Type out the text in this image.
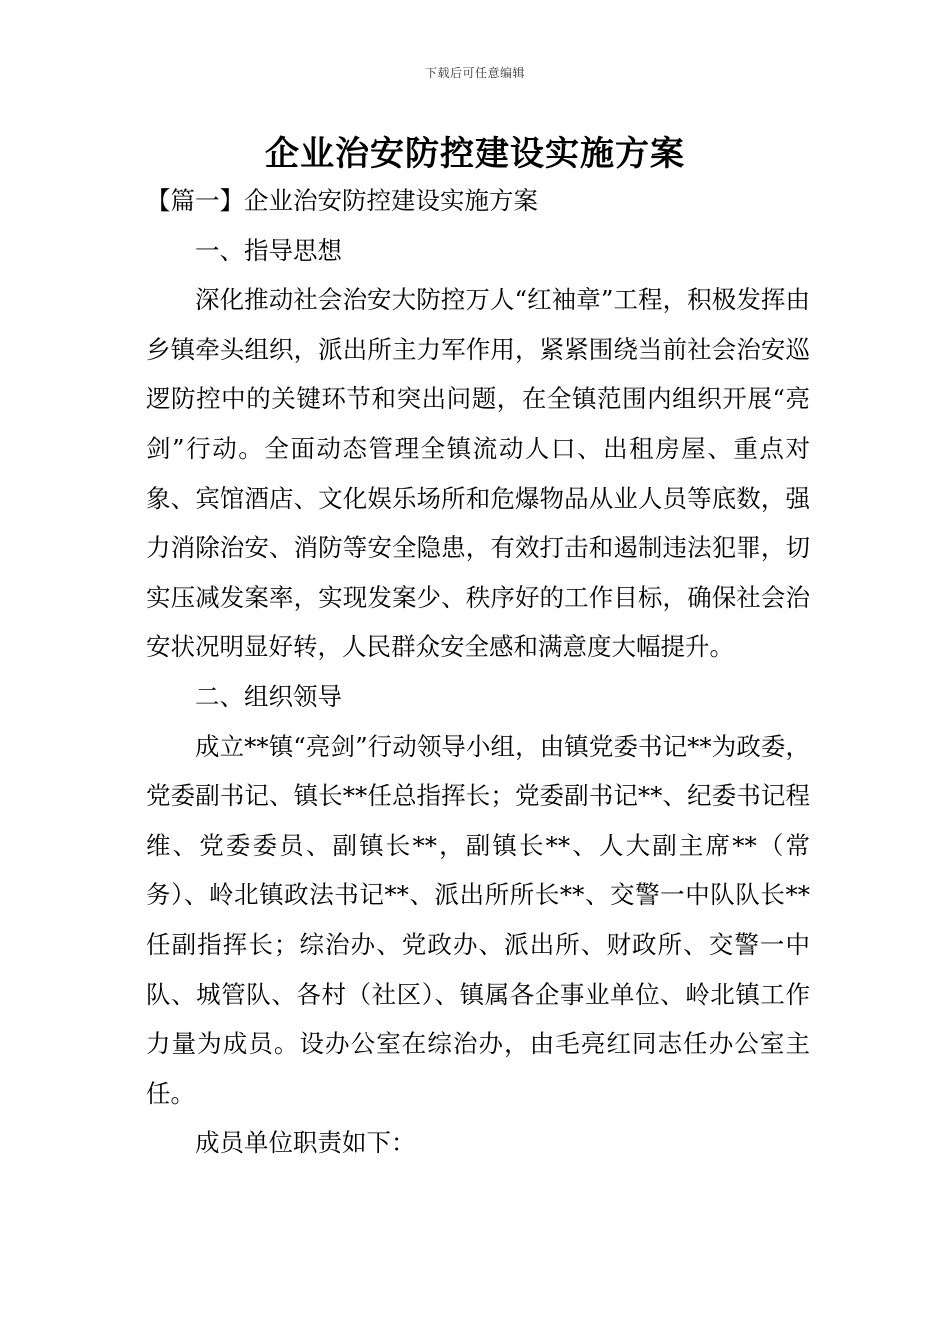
下载后可任意编辑
企业治安防控建设实施方案

【篇一】企业治安防控建设实施方案

一、指导思想

深化推动社会治安大防控万人“红袖章”工程，积极发挥由乡镇牵头组织，派出所主力军作用，紧紧围绕当前社会治安巡逻防控中的关键环节和突出问题，在全镇范围内组织开展“亮剑”行动。全面动态管理全镇流动人口、出租房屋、重点对象、宾馆酒店、文化娱乐场所和危爆物品从业人员等底数，强力消除治安、消防等安全隐患，有效打击和遏制违法犯罪，切实压减发案率，实现发案少、秩序好的工作目标，确保社会治安状况明显好转，人民群众安全感和满意度大幅提升。

二、组织领导

成立**镇“亮剑”行动领导小组，由镇党委书记**为政委，党委副书记、镇长**任总指挥长；党委副书记**、纪委书记程维、党委委员、副镇长**，副镇长**、人大副主席**（常务）、岭北镇政法书记**、派出所所长**、交警一中队队长**任副指挥长；综治办、党政办、派出所、财政所、交警一中队、城管队、各村（社区）、镇属各企事业单位、岭北镇工作力量为成员。设办公室在综治办，由毛亮红同志任办公室主任。

成员单位职责如下：
